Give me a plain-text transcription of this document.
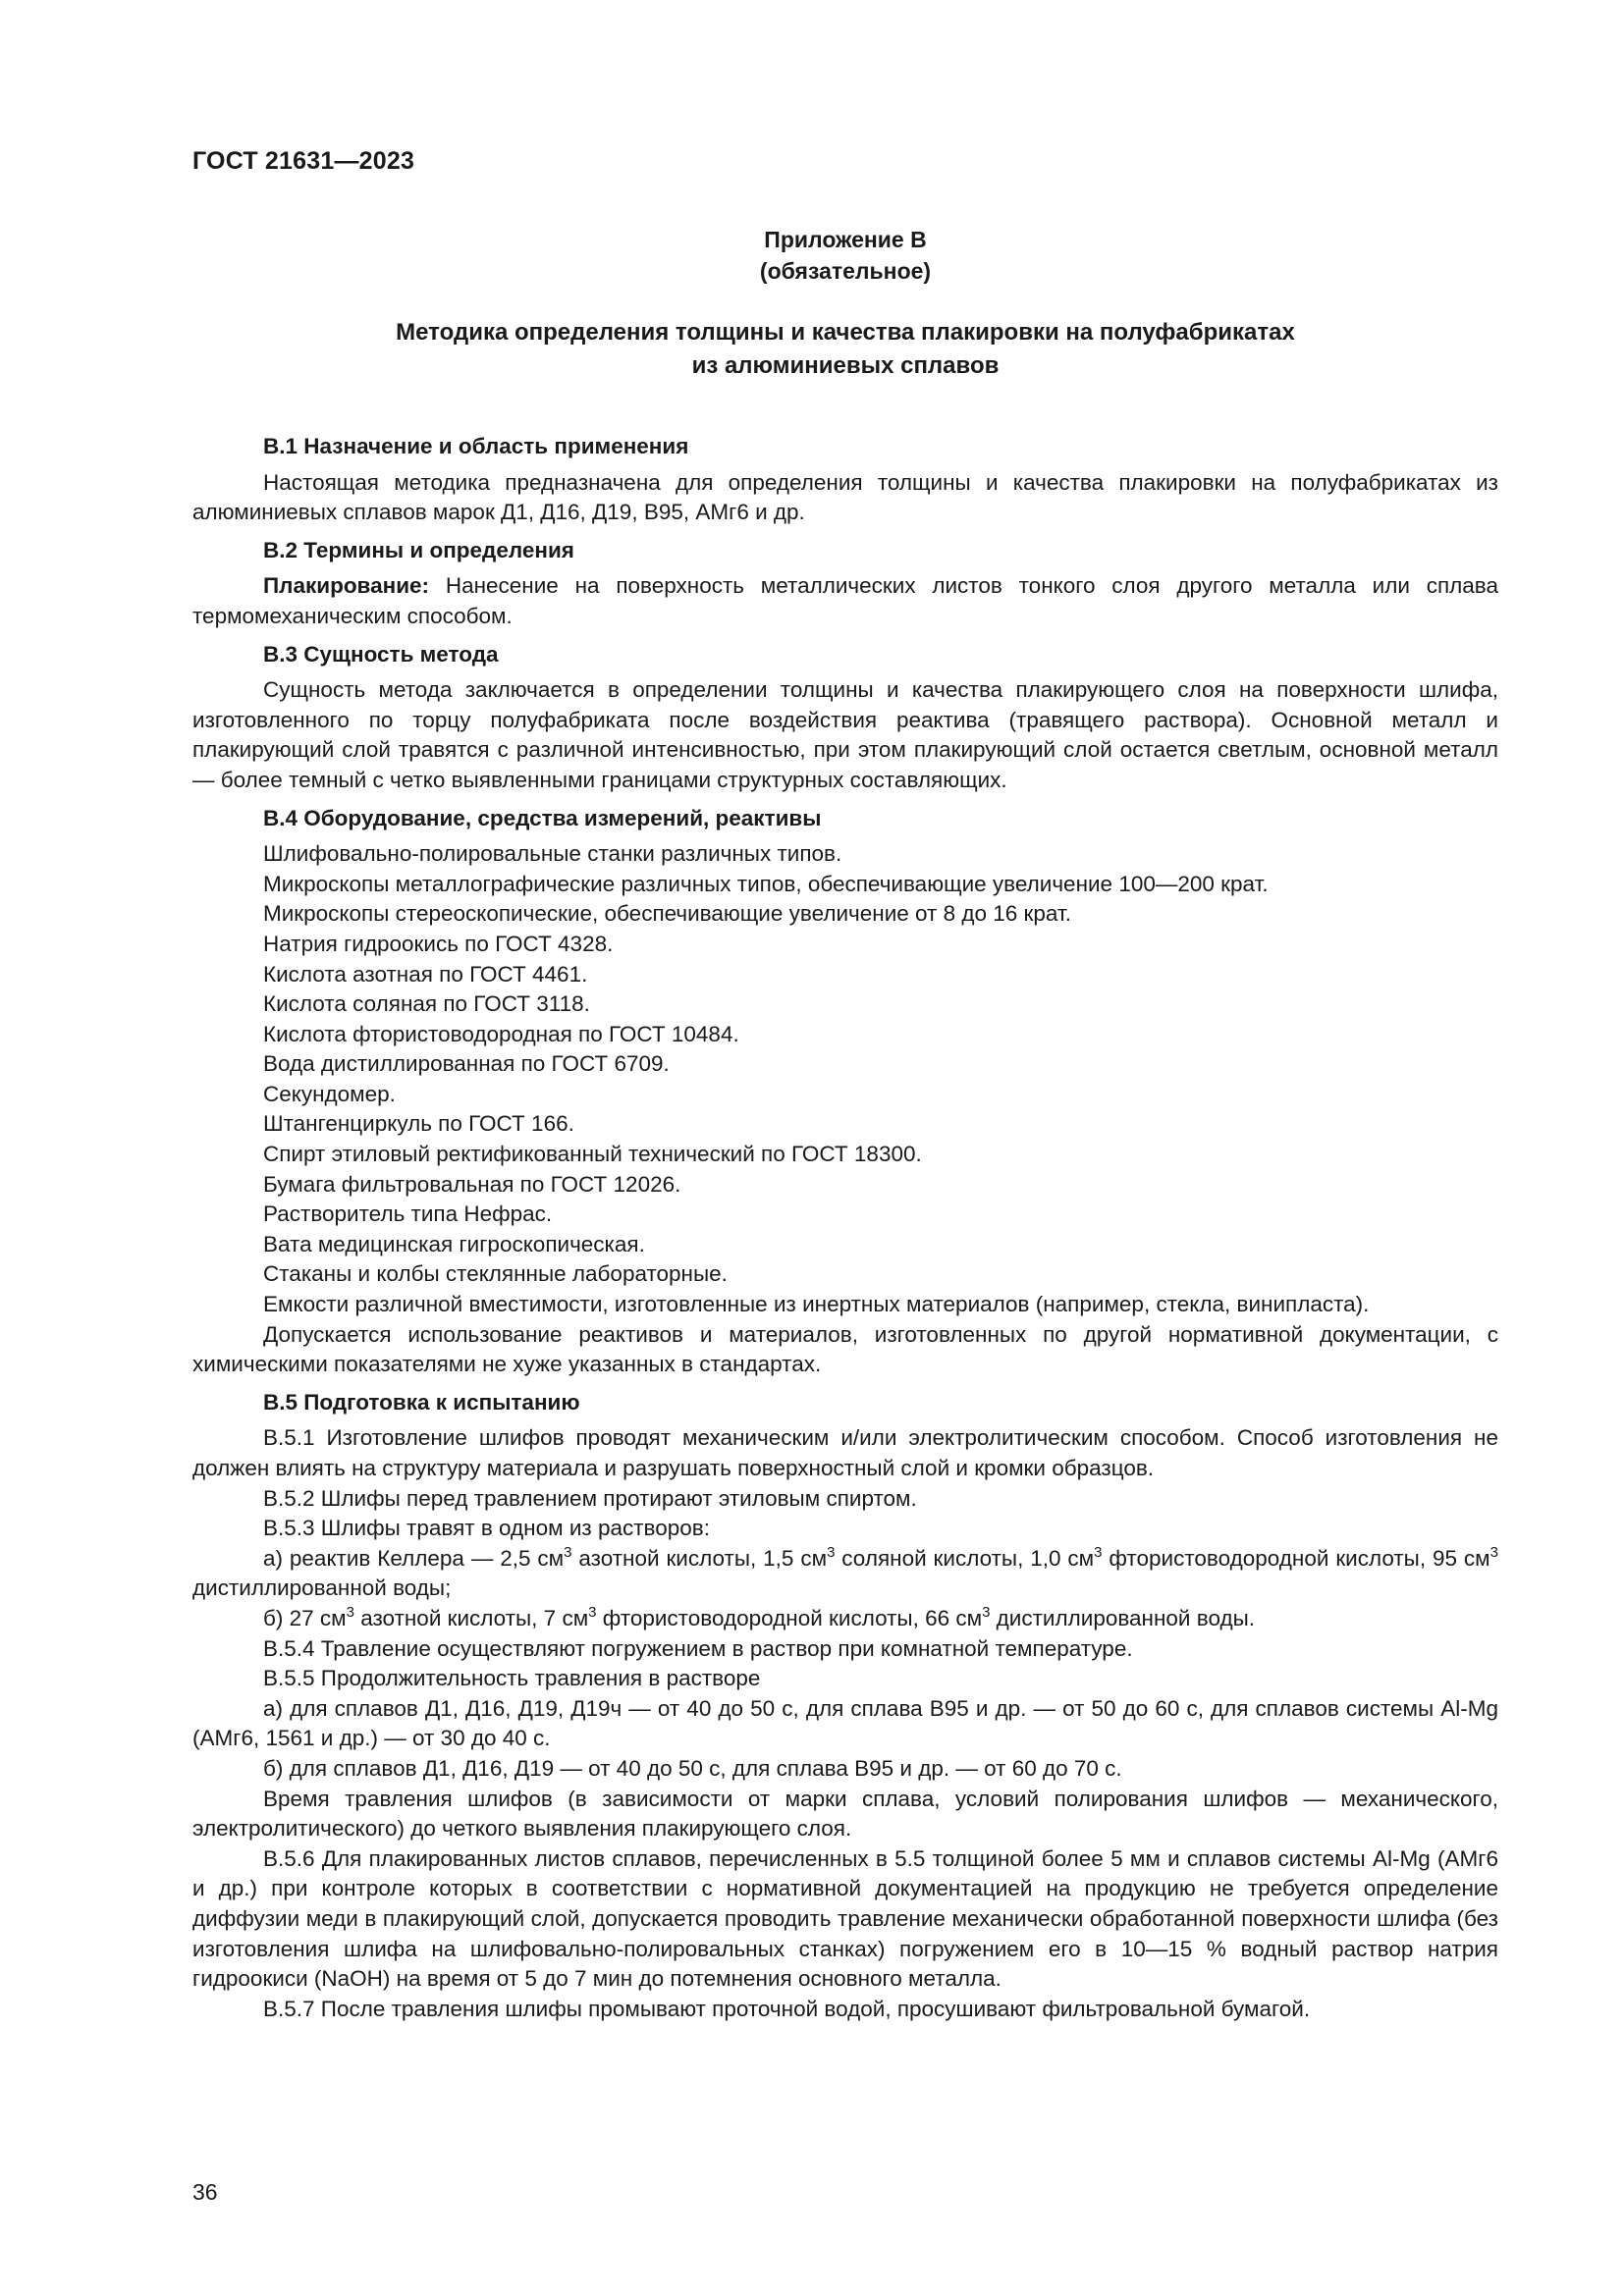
ГОСТ 21631—2023
Приложение В
(обязательное)
Методика определения толщины и качества плакировки на полуфабрикатах
из алюминиевых сплавов
В.1 Назначение и область применения

Настоящая методика предназначена для определения толщины и качества плакировки на полуфабрикатах из алюминиевых сплавов марок Д1, Д16, Д19, В95, АМг6 и др.

В.2 Термины и определения

Плакирование: Нанесение на поверхность металлических листов тонкого слоя другого металла или сплава термомеханическим способом.

В.3 Сущность метода

Сущность метода заключается в определении толщины и качества плакирующего слоя на поверхности шлифа, изготовленного по торцу полуфабриката после воздействия реактива (травящего раствора). Основной металл и плакирующий слой травятся с различной интенсивностью, при этом плакирующий слой остается светлым, основной металл — более темный с четко выявленными границами структурных составляющих.

В.4 Оборудование, средства измерений, реактивы

Шлифовально-полировальные станки различных типов.

Микроскопы металлографические различных типов, обеспечивающие увеличение 100—200 крат.

Микроскопы стереоскопические, обеспечивающие увеличение от 8 до 16 крат.

Натрия гидроокись по ГОСТ 4328.

Кислота азотная по ГОСТ 4461.

Кислота соляная по ГОСТ 3118.

Кислота фтористоводородная по ГОСТ 10484.

Вода дистиллированная по ГОСТ 6709.

Секундомер.

Штангенциркуль по ГОСТ 166.

Спирт этиловый ректификованный технический по ГОСТ 18300.

Бумага фильтровальная по ГОСТ 12026.

Растворитель типа Нефрас.

Вата медицинская гигроскопическая.

Стаканы и колбы стеклянные лабораторные.

Емкости различной вместимости, изготовленные из инертных материалов (например, стекла, винипласта).

Допускается использование реактивов и материалов, изготовленных по другой нормативной документации, с химическими показателями не хуже указанных в стандартах.

В.5 Подготовка к испытанию

В.5.1 Изготовление шлифов проводят механическим и/или электролитическим способом. Способ изготовления не должен влиять на структуру материала и разрушать поверхностный слой и кромки образцов.

В.5.2 Шлифы перед травлением протирают этиловым спиртом.

В.5.3 Шлифы травят в одном из растворов:

а) реактив Келлера — 2,5 $см^3$ азотной кислоты, 1,5 $см^3$ соляной кислоты, 1,0 $см^3$ фтористоводородной кислоты, 95 $см^3$ дистиллированной воды;

б) 27 $см^3$ азотной кислоты, 7 $см^3$ фтористоводородной кислоты, 66 $см^3$ дистиллированной воды.

В.5.4 Травление осуществляют погружением в раствор при комнатной температуре.

В.5.5 Продолжительность травления в растворе

а) для сплавов Д1, Д16, Д19, Д19ч — от 40 до 50 с, для сплава В95 и др. — от 50 до 60 с, для сплавов системы Al-Mg (АМг6, 1561 и др.) — от 30 до 40 с.

б) для сплавов Д1, Д16, Д19 — от 40 до 50 с, для сплава В95 и др. — от 60 до 70 с.

Время травления шлифов (в зависимости от марки сплава, условий полирования шлифов — механического, электролитического) до четкого выявления плакирующего слоя.

В.5.6 Для плакированных листов сплавов, перечисленных в 5.5 толщиной более 5 мм и сплавов системы Al-Mg (АМг6 и др.) при контроле которых в соответствии с нормативной документацией на продукцию не требуется определение диффузии меди в плакирующий слой, допускается проводить травление механически обработанной поверхности шлифа (без изготовления шлифа на шлифовально-полировальных станках) погружением его в 10—15 % водный раствор натрия гидроокиси (NaOH) на время от 5 до 7 мин до потемнения основного металла.

В.5.7 После травления шлифы промывают проточной водой, просушивают фильтровальной бумагой.

36
